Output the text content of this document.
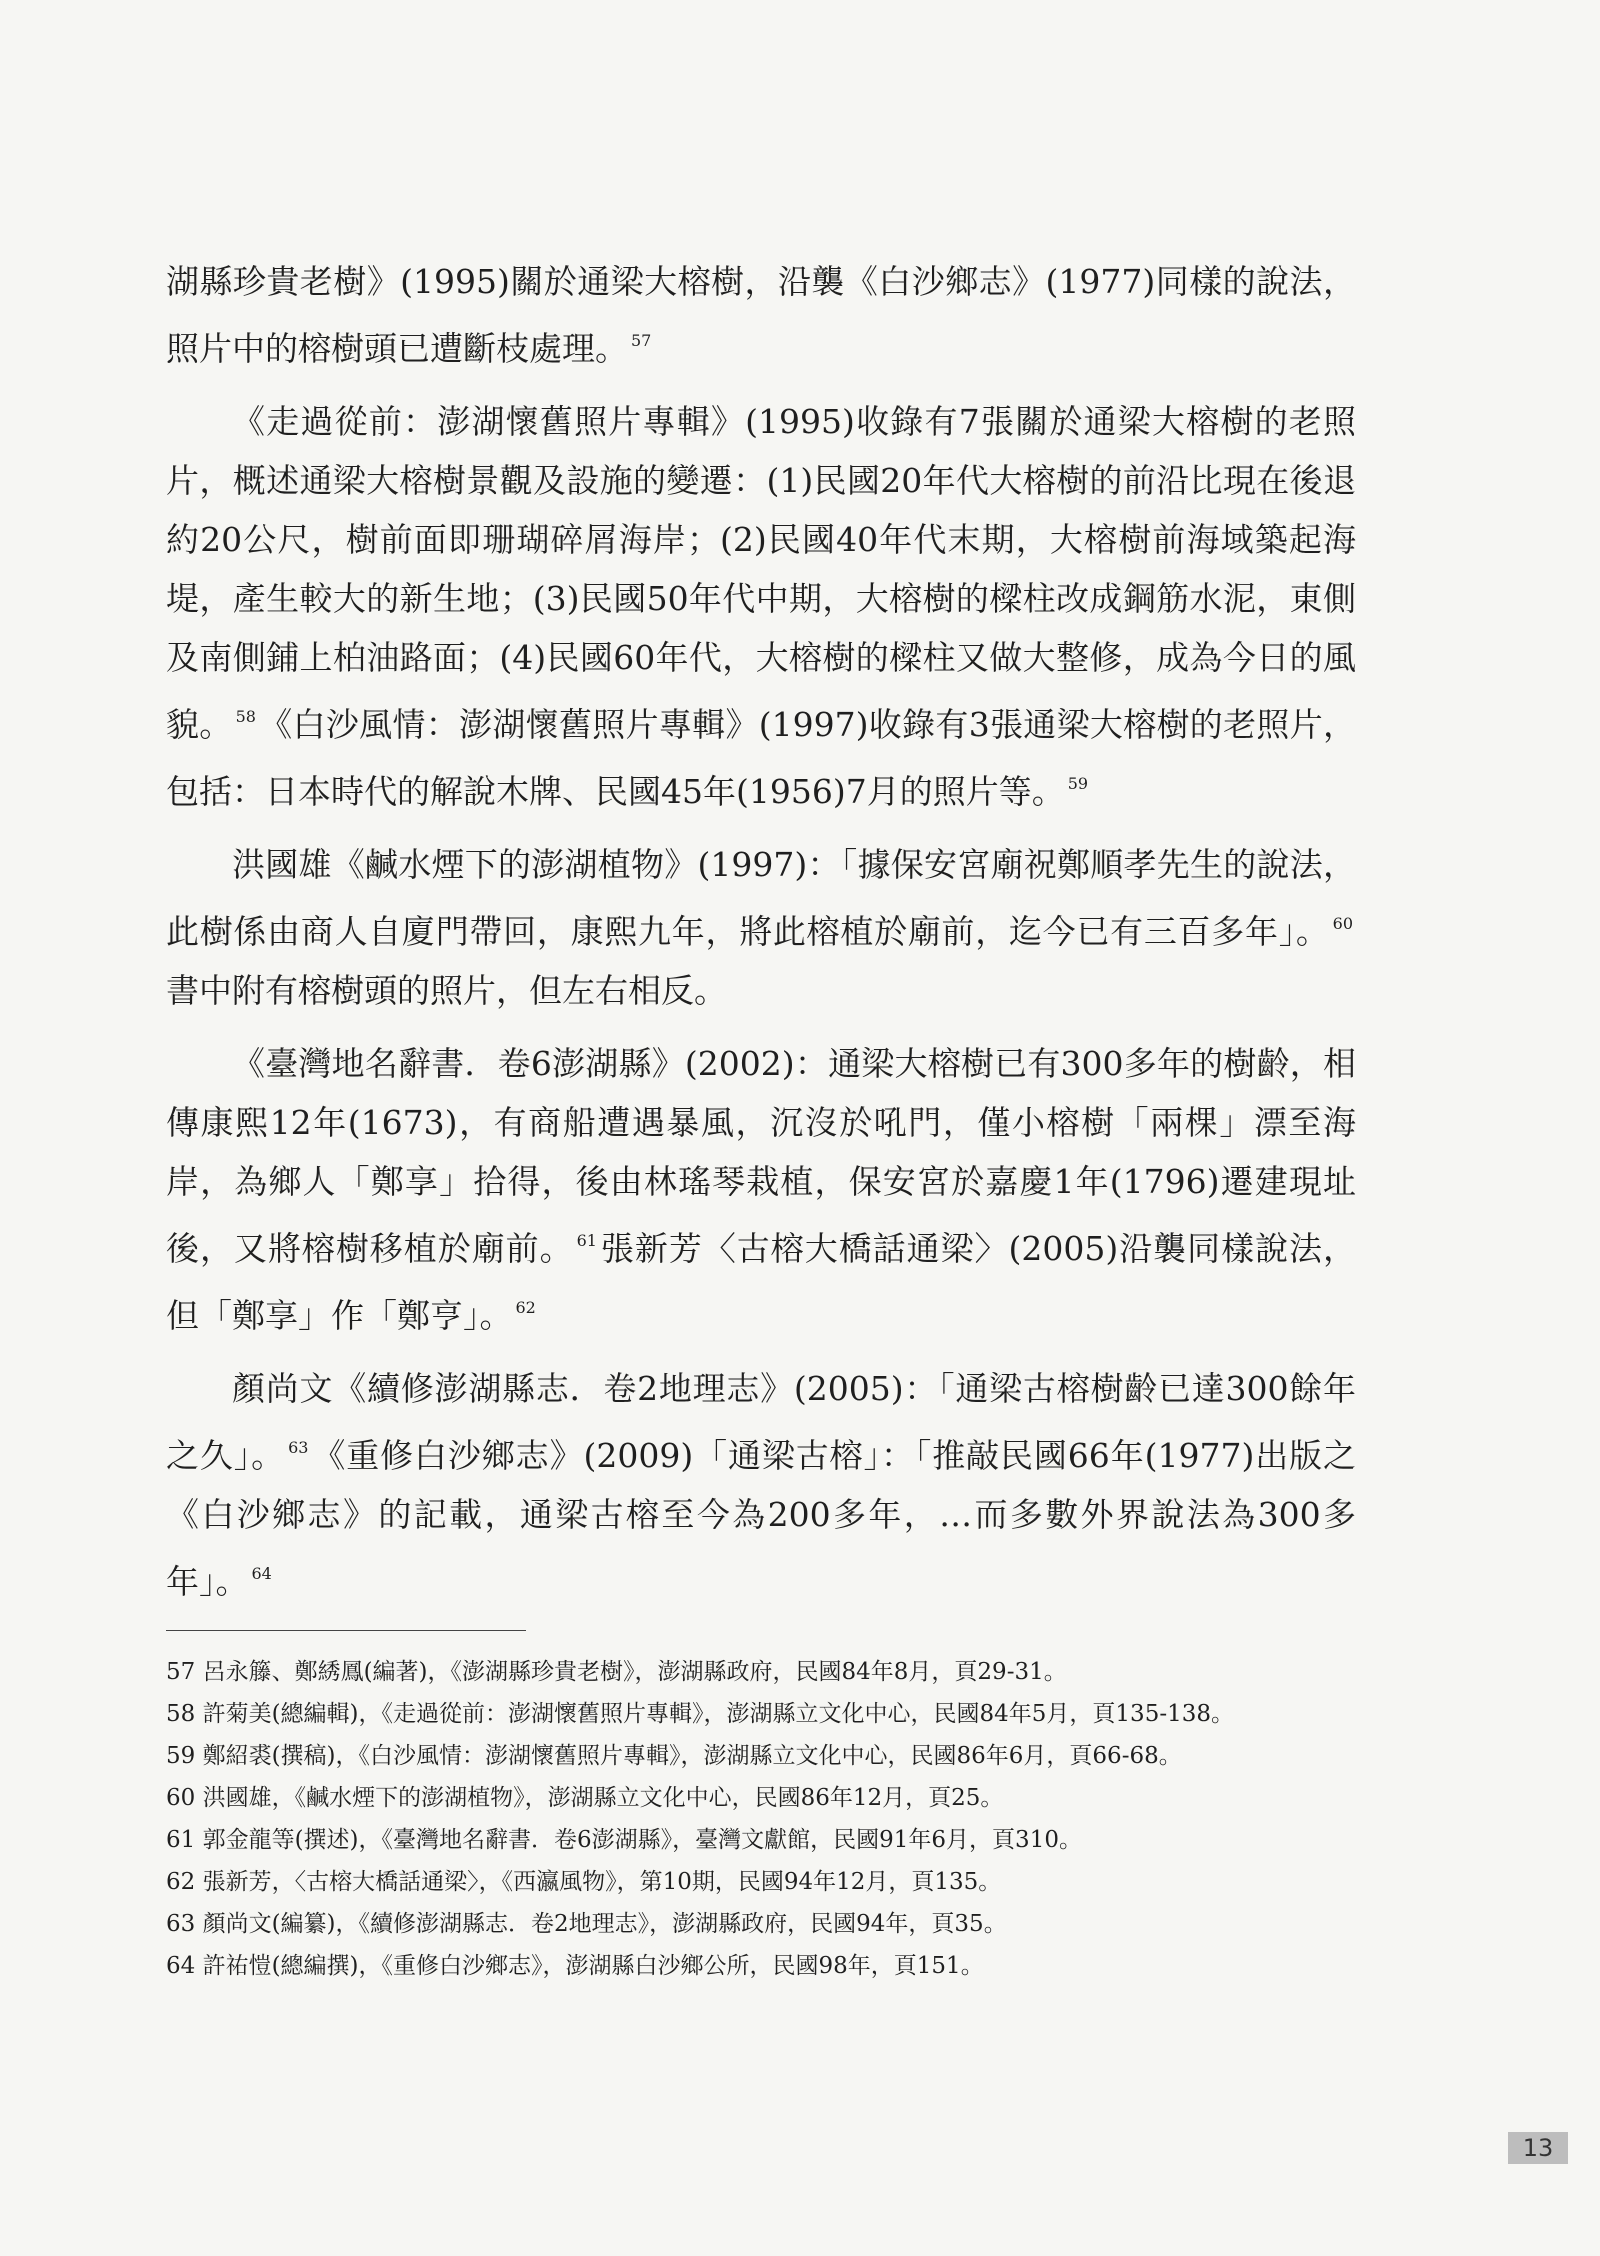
湖縣珍貴老樹》(1995)關於通梁大榕樹，沿襲《白沙鄉志》(1977)同樣的說法，照片中的榕樹頭已遭斷枝處理。 $^{57}$

《走過從前：澎湖懷舊照片專輯》(1995)收錄有7張關於通梁大榕樹的老照片，概述通梁大榕樹景觀及設施的變遷：(1)民國20年代大榕樹的前沿比現在後退約20公尺，樹前面即珊瑚碎屑海岸；(2)民國40年代末期，大榕樹前海域築起海堤，產生較大的新生地；(3)民國50年代中期，大榕樹的樑柱改成鋼筋水泥，東側及南側鋪上柏油路面；(4)民國60年代，大榕樹的樑柱又做大整修，成為今日的風貌。 $^{58}$《白沙風情：澎湖懷舊照片專輯》(1997)收錄有3張通梁大榕樹的老照片，包括：日本時代的解說木牌、民國45年(1956)7月的照片等。 $^{59}$

洪國雄《鹹水煙下的澎湖植物》(1997)：「據保安宮廟祝鄭順孝先生的說法，此樹係由商人自廈門帶回，康熙九年，將此榕植於廟前，迄今已有三百多年」。 $^{60}$書中附有榕樹頭的照片，但左右相反。

《臺灣地名辭書．卷6澎湖縣》(2002)：通梁大榕樹已有300多年的樹齡，相傳康熙12年(1673)，有商船遭遇暴風，沉沒於吼門，僅小榕樹「兩棵」漂至海岸，為鄉人「鄭享」拾得，後由林瑤琴栽植，保安宮於嘉慶1年(1796)遷建現址後，又將榕樹移植於廟前。 $^{61}$張新芳〈古榕大橋話通梁〉(2005)沿襲同樣說法，但「鄭享」作「鄭亨」。 $^{62}$

顏尚文《續修澎湖縣志．卷2地理志》(2005)：「通梁古榕樹齡已達300餘年之久」。 $^{63}$《重修白沙鄉志》(2009)「通梁古榕」：「推敲民國66年(1977)出版之《白沙鄉志》的記載，通梁古榕至今為200多年，…而多數外界說法為300多年」。 $^{64}$

57 呂永籐、鄭綉鳳(編著)，《澎湖縣珍貴老樹》，澎湖縣政府，民國84年8月，頁29-31。

58 許菊美(總編輯)，《走過從前：澎湖懷舊照片專輯》，澎湖縣立文化中心，民國84年5月，頁135-138。

59 鄭紹裘(撰稿)，《白沙風情：澎湖懷舊照片專輯》，澎湖縣立文化中心，民國86年6月，頁66-68。

60 洪國雄，《鹹水煙下的澎湖植物》，澎湖縣立文化中心，民國86年12月，頁25。

61 郭金龍等(撰述)，《臺灣地名辭書．卷6澎湖縣》，臺灣文獻館，民國91年6月，頁310。

62 張新芳，〈古榕大橋話通梁〉，《西瀛風物》，第10期，民國94年12月，頁135。

63 顏尚文(編纂)，《續修澎湖縣志．卷2地理志》，澎湖縣政府，民國94年，頁35。

64 許祐愷(總編撰)，《重修白沙鄉志》，澎湖縣白沙鄉公所，民國98年，頁151。

13
